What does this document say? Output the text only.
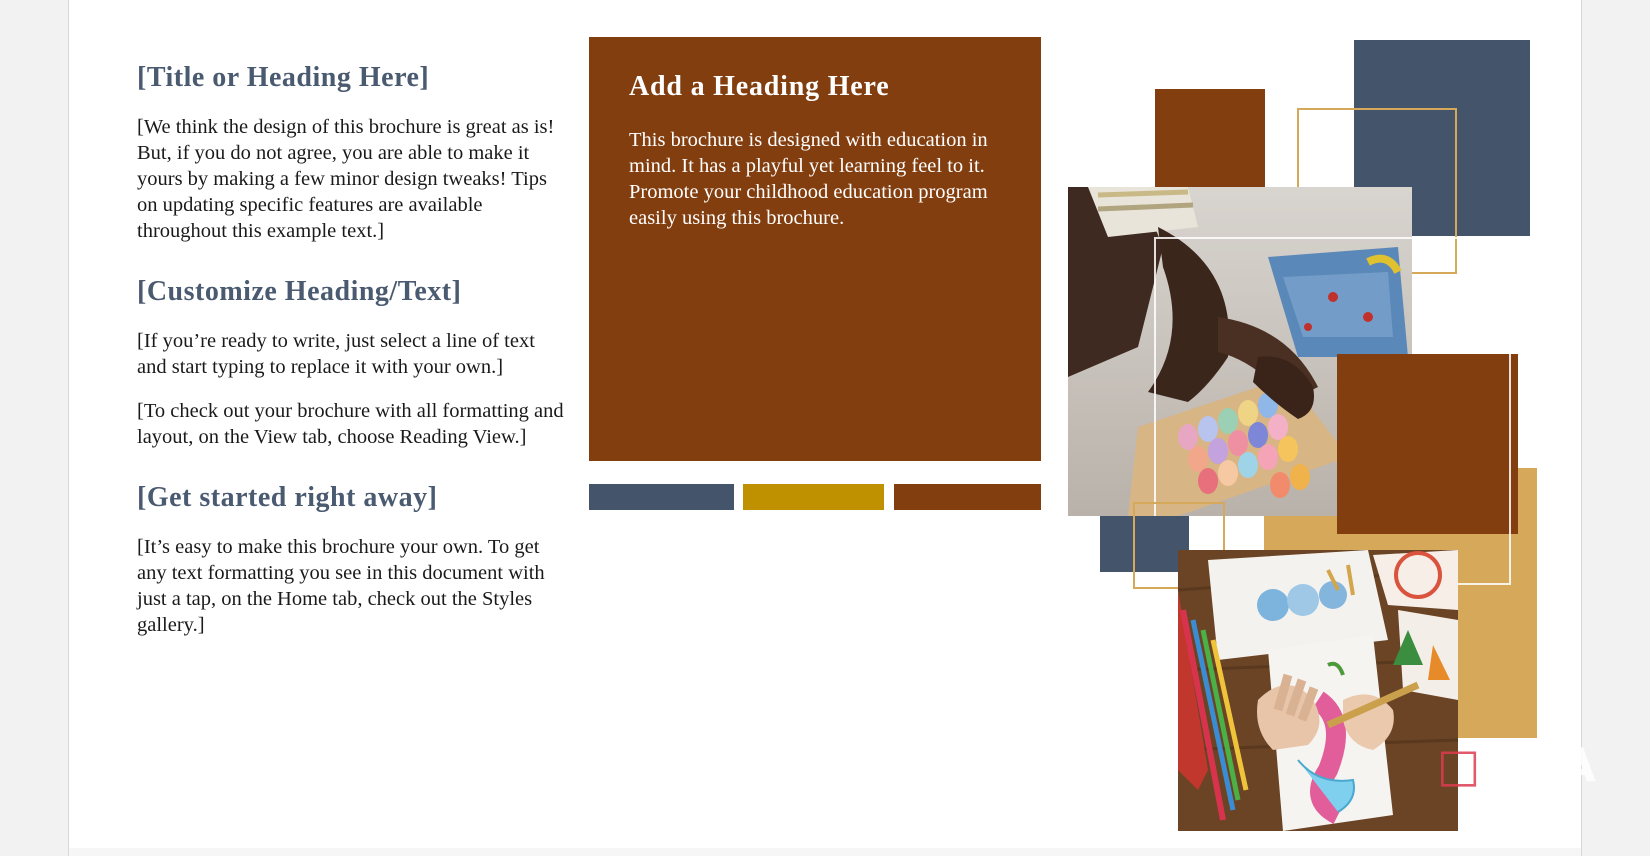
[Title or Heading Here]

[We think the design of this brochure is great as is! But, if you do not agree, you are able to make it yours by making a few minor design tweaks! Tips on updating specific features are available throughout this example text.]

[Customize Heading/Text]

[If you’re ready to write, just select a line of text and start typing to replace it with your own.]

[To check out your brochure with all formatting and layout, on the View tab, choose Reading View.]

[Get started right away]

[It’s easy to make this brochure your own. To get any text formatting you see in this document with just a tap, on the Home tab, check out the Styles gallery.]

Add a Heading Here

This brochure is designed with education in mind. It has a playful yet learning feel to it. Promote your childhood education program easily using this brochure.

□XDA
